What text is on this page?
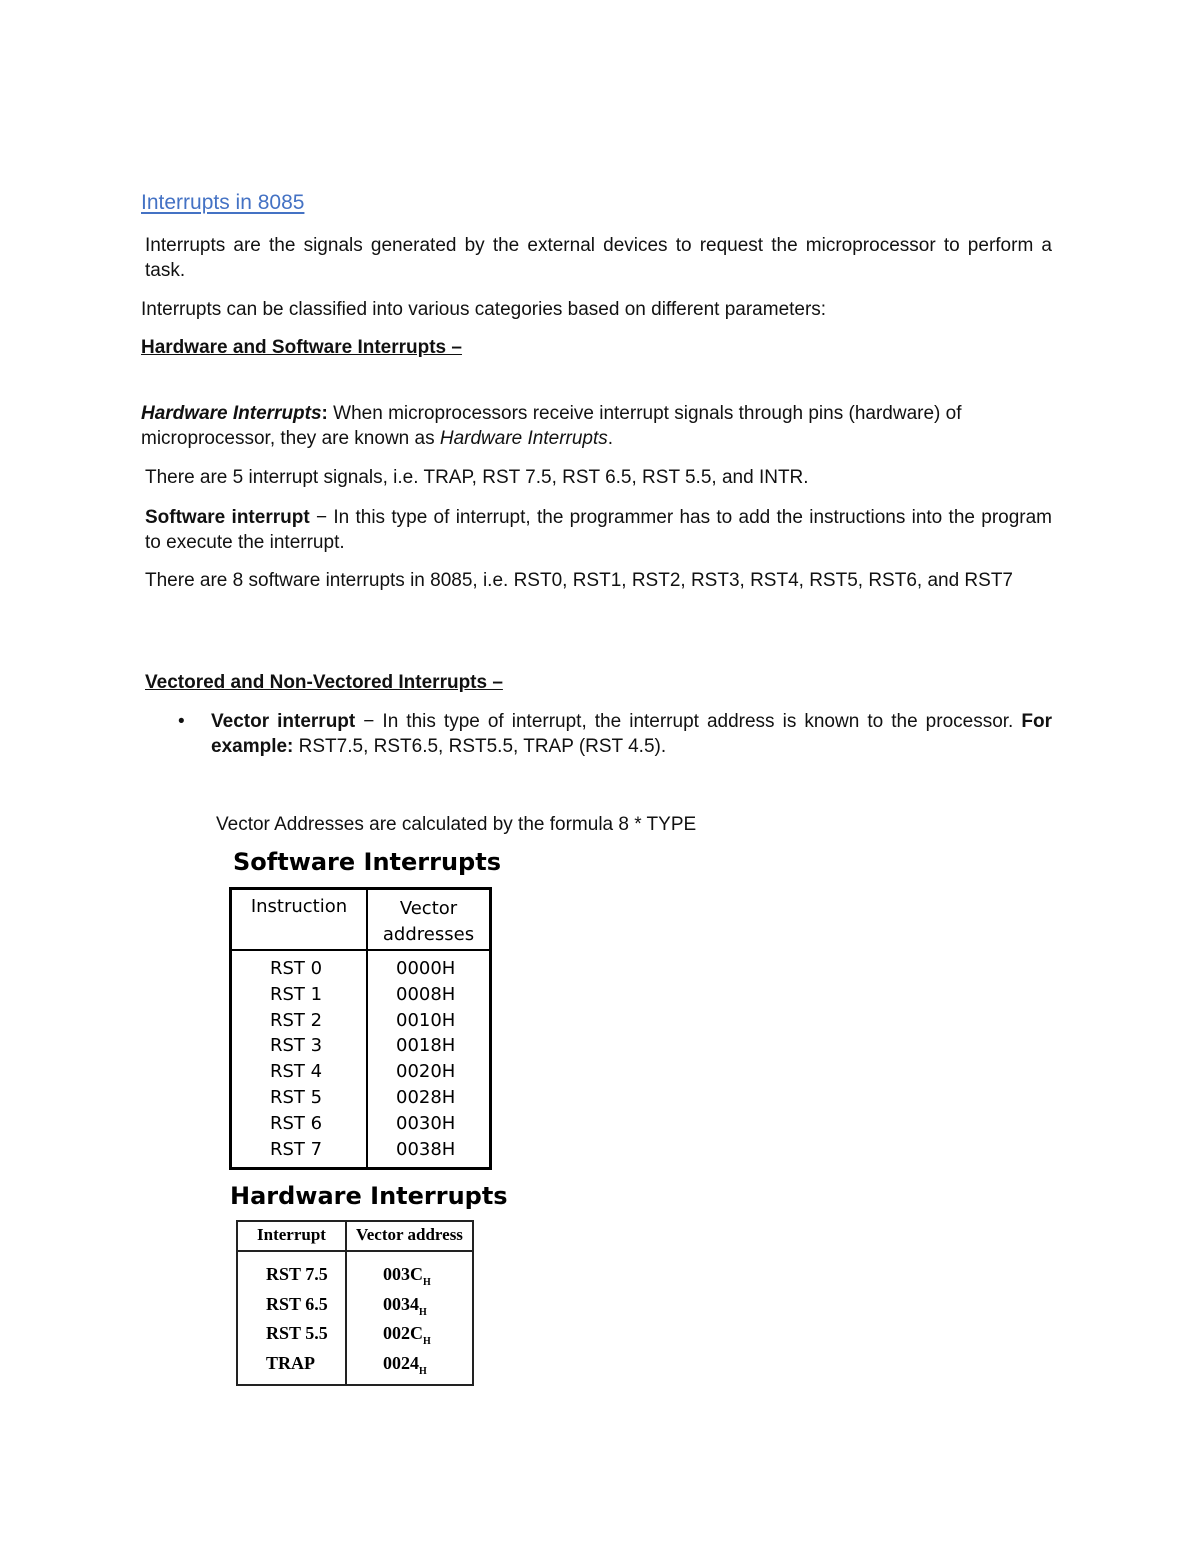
Interrupts in 8085
Interrupts are the signals generated by the external devices to request the microprocessor to perform a task.
Interrupts can be classified into various categories based on different parameters:
Hardware and Software Interrupts –
Hardware Interrupts: When microprocessors receive interrupt signals through pins (hardware) of microprocessor, they are known as Hardware Interrupts.
There are 5 interrupt signals, i.e. TRAP, RST 7.5, RST 6.5, RST 5.5, and INTR.
Software interrupt − In this type of interrupt, the programmer has to add the instructions into the program to execute the interrupt.
There are 8 software interrupts in 8085, i.e. RST0, RST1, RST2, RST3, RST4, RST5, RST6, and RST7
Vectored and Non-Vectored Interrupts –
• Vector interrupt − In this type of interrupt, the interrupt address is known to the processor. For example: RST7.5, RST6.5, RST5.5, TRAP (RST 4.5).
Vector Addresses are calculated by the formula 8 * TYPE
Software Interrupts
Instruction	Vector
addresses
RST 0	0000H
RST 1	0008H
RST 2	0010H
RST 3	0018H
RST 4	0020H
RST 5	0028H
RST 6	0030H
RST 7	0038H
Hardware Interrupts
Interrupt	Vector address
RST 7.5	$003C_H$
RST 6.5	$0034_H$
RST 5.5	$002C_H$
TRAP	$0024_H$
